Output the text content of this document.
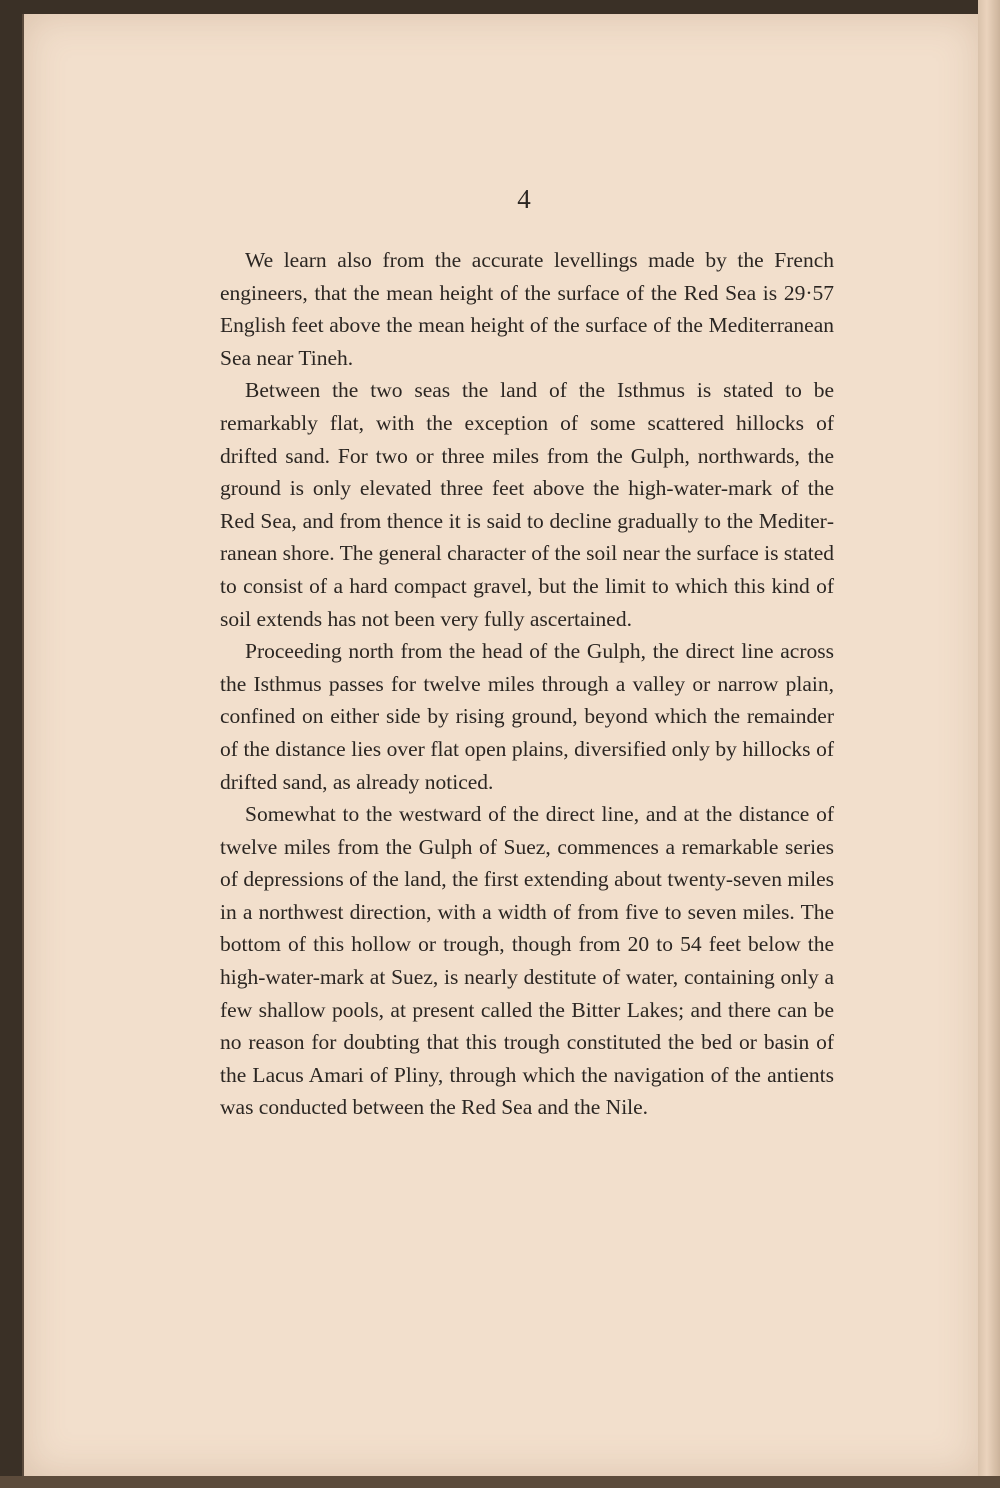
4

We learn also from the accurate levellings made by the French engineers, that the mean height of the surface of the Red Sea is 29·57 English feet above the mean height of the surface of the Mediterranean Sea near Tineh.

Between the two seas the land of the Isthmus is stated to be remarkably flat, with the exception of some scattered hillocks of drifted sand. For two or three miles from the Gulph, northwards, the ground is only elevated three feet above the high-water-mark of the Red Sea, and from thence it is said to decline gradually to the Mediterranean shore. The general character of the soil near the surface is stated to consist of a hard compact gravel, but the limit to which this kind of soil extends has not been very fully ascertained.

Proceeding north from the head of the Gulph, the direct line across the Isthmus passes for twelve miles through a valley or narrow plain, confined on either side by rising ground, beyond which the remainder of the distance lies over flat open plains, diversified only by hillocks of drifted sand, as already noticed.

Somewhat to the westward of the direct line, and at the distance of twelve miles from the Gulph of Suez, commences a remarkable series of depressions of the land, the first extending about twenty-seven miles in a northwest direction, with a width of from five to seven miles. The bottom of this hollow or trough, though from 20 to 54 feet below the high-water-mark at Suez, is nearly destitute of water, containing only a few shallow pools, at present called the Bitter Lakes; and there can be no reason for doubting that this trough constituted the bed or basin of the Lacus Amari of Pliny, through which the navigation of the antients was conducted between the Red Sea and the Nile.
